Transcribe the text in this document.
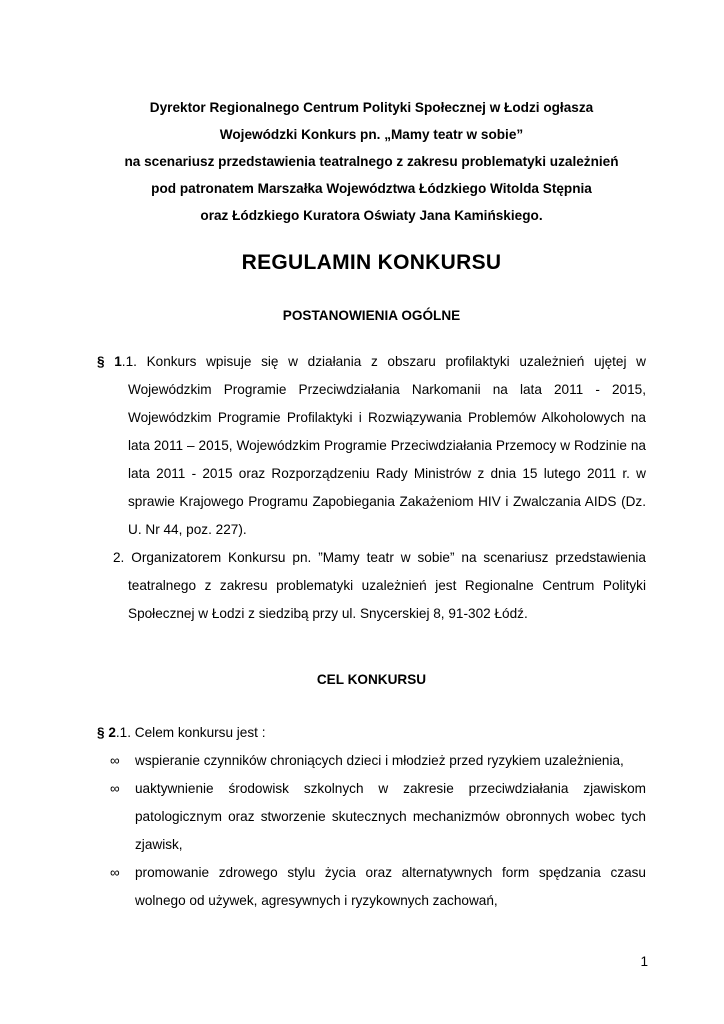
Dyrektor Regionalnego Centrum Polityki Społecznej w Łodzi ogłasza
Wojewódzki Konkurs pn. „Mamy teatr w sobie”
na scenariusz przedstawienia teatralnego z zakresu problematyki uzależnień
pod patronatem Marszałka Województwa Łódzkiego Witolda Stępnia
oraz Łódzkiego Kuratora Oświaty Jana Kamińskiego.
REGULAMIN KONKURSU
POSTANOWIENIA OGÓLNE

§ 1.1. Konkurs wpisuje się w działania z obszaru profilaktyki uzależnień ujętej w Wojewódzkim Programie Przeciwdziałania Narkomanii na lata 2011 - 2015, Wojewódzkim Programie Profilaktyki i Rozwiązywania Problemów Alkoholowych na lata 2011 – 2015, Wojewódzkim Programie Przeciwdziałania Przemocy w Rodzinie na lata 2011 - 2015 oraz Rozporządzeniu Rady Ministrów z dnia 15 lutego 2011 r. w sprawie Krajowego Programu Zapobiegania Zakażeniom HIV i Zwalczania AIDS (Dz. U. Nr 44, poz. 227).

2. Organizatorem Konkursu pn. ”Mamy teatr w sobie” na scenariusz przedstawienia teatralnego z zakresu problematyki uzależnień jest Regionalne Centrum Polityki Społecznej w Łodzi z siedzibą przy ul. Snycerskiej 8, 91-302 Łódź.

CEL KONKURSU

§ 2.1. Celem konkursu jest :

∞ wspieranie czynników chroniących dzieci i młodzież przed ryzykiem uzależnienia,
∞ uaktywnienie środowisk szkolnych w zakresie przeciwdziałania zjawiskom patologicznym oraz stworzenie skutecznych mechanizmów obronnych wobec tych zjawisk,
∞ promowanie zdrowego stylu życia oraz alternatywnych form spędzania czasu wolnego od używek, agresywnych i ryzykownych zachowań,
1
